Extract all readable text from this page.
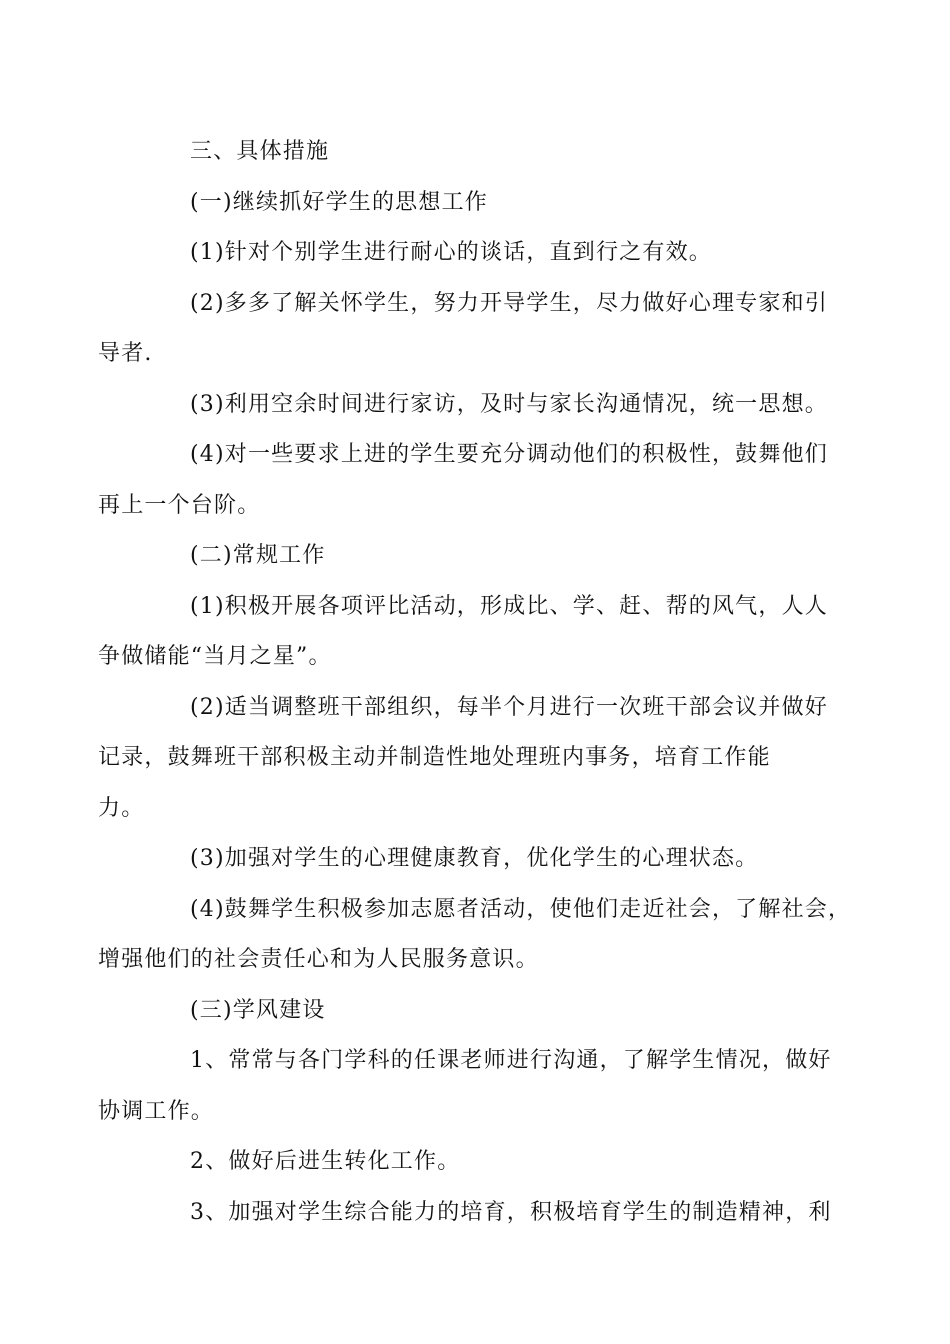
三、具体措施

(一)继续抓好学生的思想工作

(1)针对个别学生进行耐心的谈话，直到行之有效。

(2)多多了解关怀学生，努力开导学生，尽力做好心理专家和引
导者.

(3)利用空余时间进行家访，及时与家长沟通情况，统一思想。

(4)对一些要求上进的学生要充分调动他们的积极性，鼓舞他们
再上一个台阶。

(二)常规工作

(1)积极开展各项评比活动，形成比、学、赶、帮的风气，人人
争做储能“当月之星”。

(2)适当调整班干部组织，每半个月进行一次班干部会议并做好
记录，鼓舞班干部积极主动并制造性地处理班内事务，培育工作能
力。

(3)加强对学生的心理健康教育，优化学生的心理状态。

(4)鼓舞学生积极参加志愿者活动，使他们走近社会，了解社会，
增强他们的社会责任心和为人民服务意识。

(三)学风建设

1、常常与各门学科的任课老师进行沟通，了解学生情况，做好
协调工作。

2、做好后进生转化工作。

3、加强对学生综合能力的培育，积极培育学生的制造精神，利
